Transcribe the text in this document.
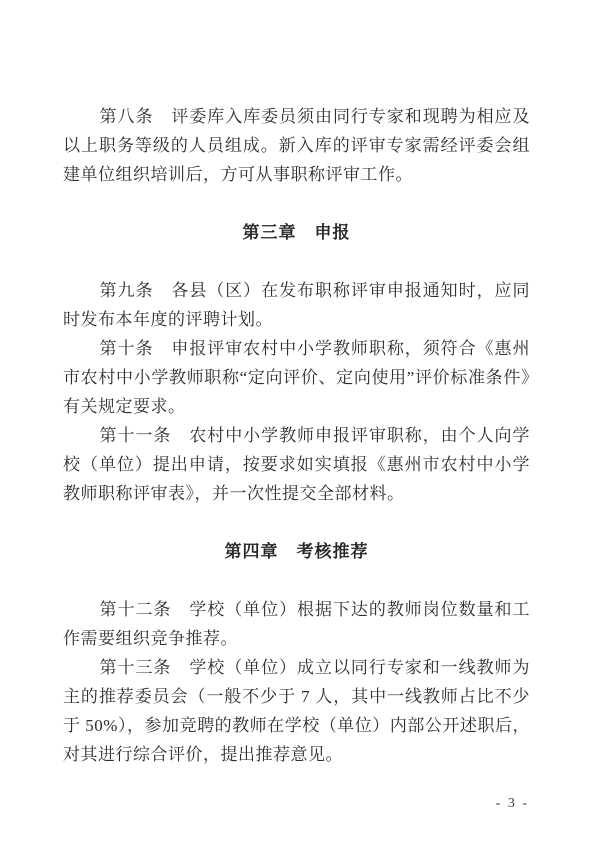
第八条　评委库入库委员须由同行专家和现聘为相应及以上职务等级的人员组成。新入库的评审专家需经评委会组建单位组织培训后，方可从事职称评审工作。

第三章　申报

第九条　各县（区）在发布职称评审申报通知时，应同时发布本年度的评聘计划。

第十条　申报评审农村中小学教师职称，须符合《惠州市农村中小学教师职称“定向评价、定向使用”评价标准条件》有关规定要求。

第十一条　农村中小学教师申报评审职称，由个人向学校（单位）提出申请，按要求如实填报《惠州市农村中小学教师职称评审表》，并一次性提交全部材料。

第四章　考核推荐

第十二条　学校（单位）根据下达的教师岗位数量和工作需要组织竞争推荐。

第十三条　学校（单位）成立以同行专家和一线教师为主的推荐委员会（一般不少于 7 人，其中一线教师占比不少于 50%），参加竞聘的教师在学校（单位）内部公开述职后，对其进行综合评价，提出推荐意见。

- 3 -
